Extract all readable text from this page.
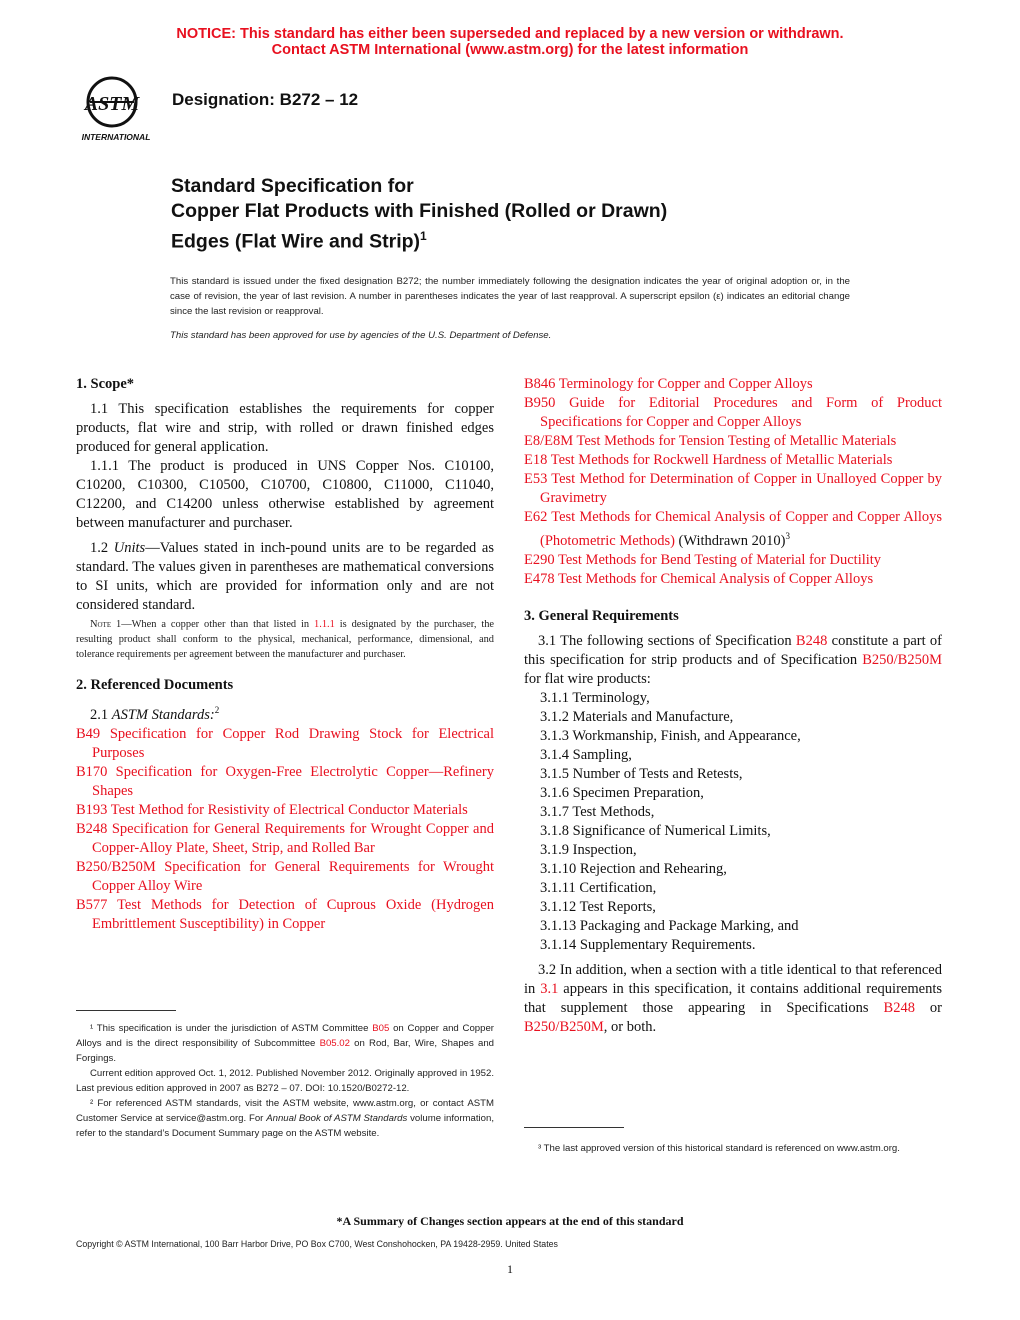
NOTICE: This standard has either been superseded and replaced by a new version or withdrawn.
Contact ASTM International (www.astm.org) for the latest information
ASTM
INTERNATIONAL
Designation: B272 – 12
Standard Specification for
Copper Flat Products with Finished (Rolled or Drawn)
Edges (Flat Wire and Strip)$^1$
This standard is issued under the fixed designation B272; the number immediately following the designation indicates the year of original adoption or, in the case of revision, the year of last revision. A number in parentheses indicates the year of last reapproval. A superscript epsilon (ε) indicates an editorial change since the last revision or reapproval.
This standard has been approved for use by agencies of the U.S. Department of Defense.
1. Scope*

1.1 This specification establishes the requirements for copper products, flat wire and strip, with rolled or drawn finished edges produced for general application.

1.1.1 The product is produced in UNS Copper Nos. C10100, C10200, C10300, C10500, C10700, C10800, C11000, C11040, C12200, and C14200 unless otherwise established by agreement between manufacturer and purchaser.

1.2 Units—Values stated in inch-pound units are to be regarded as standard. The values given in parentheses are mathematical conversions to SI units, which are provided for information only and are not considered standard.

Note 1—When a copper other than that listed in 1.1.1 is designated by the purchaser, the resulting product shall conform to the physical, mechanical, performance, dimensional, and tolerance requirements per agreement between the manufacturer and purchaser.

2. Referenced Documents

2.1 ASTM Standards:$^2$

B49 Specification for Copper Rod Drawing Stock for Electrical Purposes

B170 Specification for Oxygen-Free Electrolytic Copper—Refinery Shapes

B193 Test Method for Resistivity of Electrical Conductor Materials

B248 Specification for General Requirements for Wrought Copper and Copper-Alloy Plate, Sheet, Strip, and Rolled Bar

B250/B250M Specification for General Requirements for Wrought Copper Alloy Wire

B577 Test Methods for Detection of Cuprous Oxide (Hydrogen Embrittlement Susceptibility) in Copper

¹ This specification is under the jurisdiction of ASTM Committee B05 on Copper and Copper Alloys and is the direct responsibility of Subcommittee B05.02 on Rod, Bar, Wire, Shapes and Forgings.

Current edition approved Oct. 1, 2012. Published November 2012. Originally approved in 1952. Last previous edition approved in 2007 as B272 – 07. DOI: 10.1520/B0272-12.

² For referenced ASTM standards, visit the ASTM website, www.astm.org, or contact ASTM Customer Service at service@astm.org. For Annual Book of ASTM Standards volume information, refer to the standard’s Document Summary page on the ASTM website.

B846 Terminology for Copper and Copper Alloys

B950 Guide for Editorial Procedures and Form of Product Specifications for Copper and Copper Alloys

E8/E8M Test Methods for Tension Testing of Metallic Materials

E18 Test Methods for Rockwell Hardness of Metallic Materials

E53 Test Method for Determination of Copper in Unalloyed Copper by Gravimetry

E62 Test Methods for Chemical Analysis of Copper and Copper Alloys (Photometric Methods) (Withdrawn 2010)$^3$

E290 Test Methods for Bend Testing of Material for Ductility

E478 Test Methods for Chemical Analysis of Copper Alloys

3. General Requirements

3.1 The following sections of Specification B248 constitute a part of this specification for strip products and of Specification B250/B250M for flat wire products:

3.1.1 Terminology,
3.1.2 Materials and Manufacture,
3.1.3 Workmanship, Finish, and Appearance,
3.1.4 Sampling,
3.1.5 Number of Tests and Retests,
3.1.6 Specimen Preparation,
3.1.7 Test Methods,
3.1.8 Significance of Numerical Limits,
3.1.9 Inspection,
3.1.10 Rejection and Rehearing,
3.1.11 Certification,
3.1.12 Test Reports,
3.1.13 Packaging and Package Marking, and
3.1.14 Supplementary Requirements.

3.2 In addition, when a section with a title identical to that referenced in 3.1 appears in this specification, it contains additional requirements that supplement those appearing in Specifications B248 or B250/B250M, or both.

³ The last approved version of this historical standard is referenced on www.astm.org.

*A Summary of Changes section appears at the end of this standard
Copyright © ASTM International, 100 Barr Harbor Drive, PO Box C700, West Conshohocken, PA 19428-2959. United States
1
